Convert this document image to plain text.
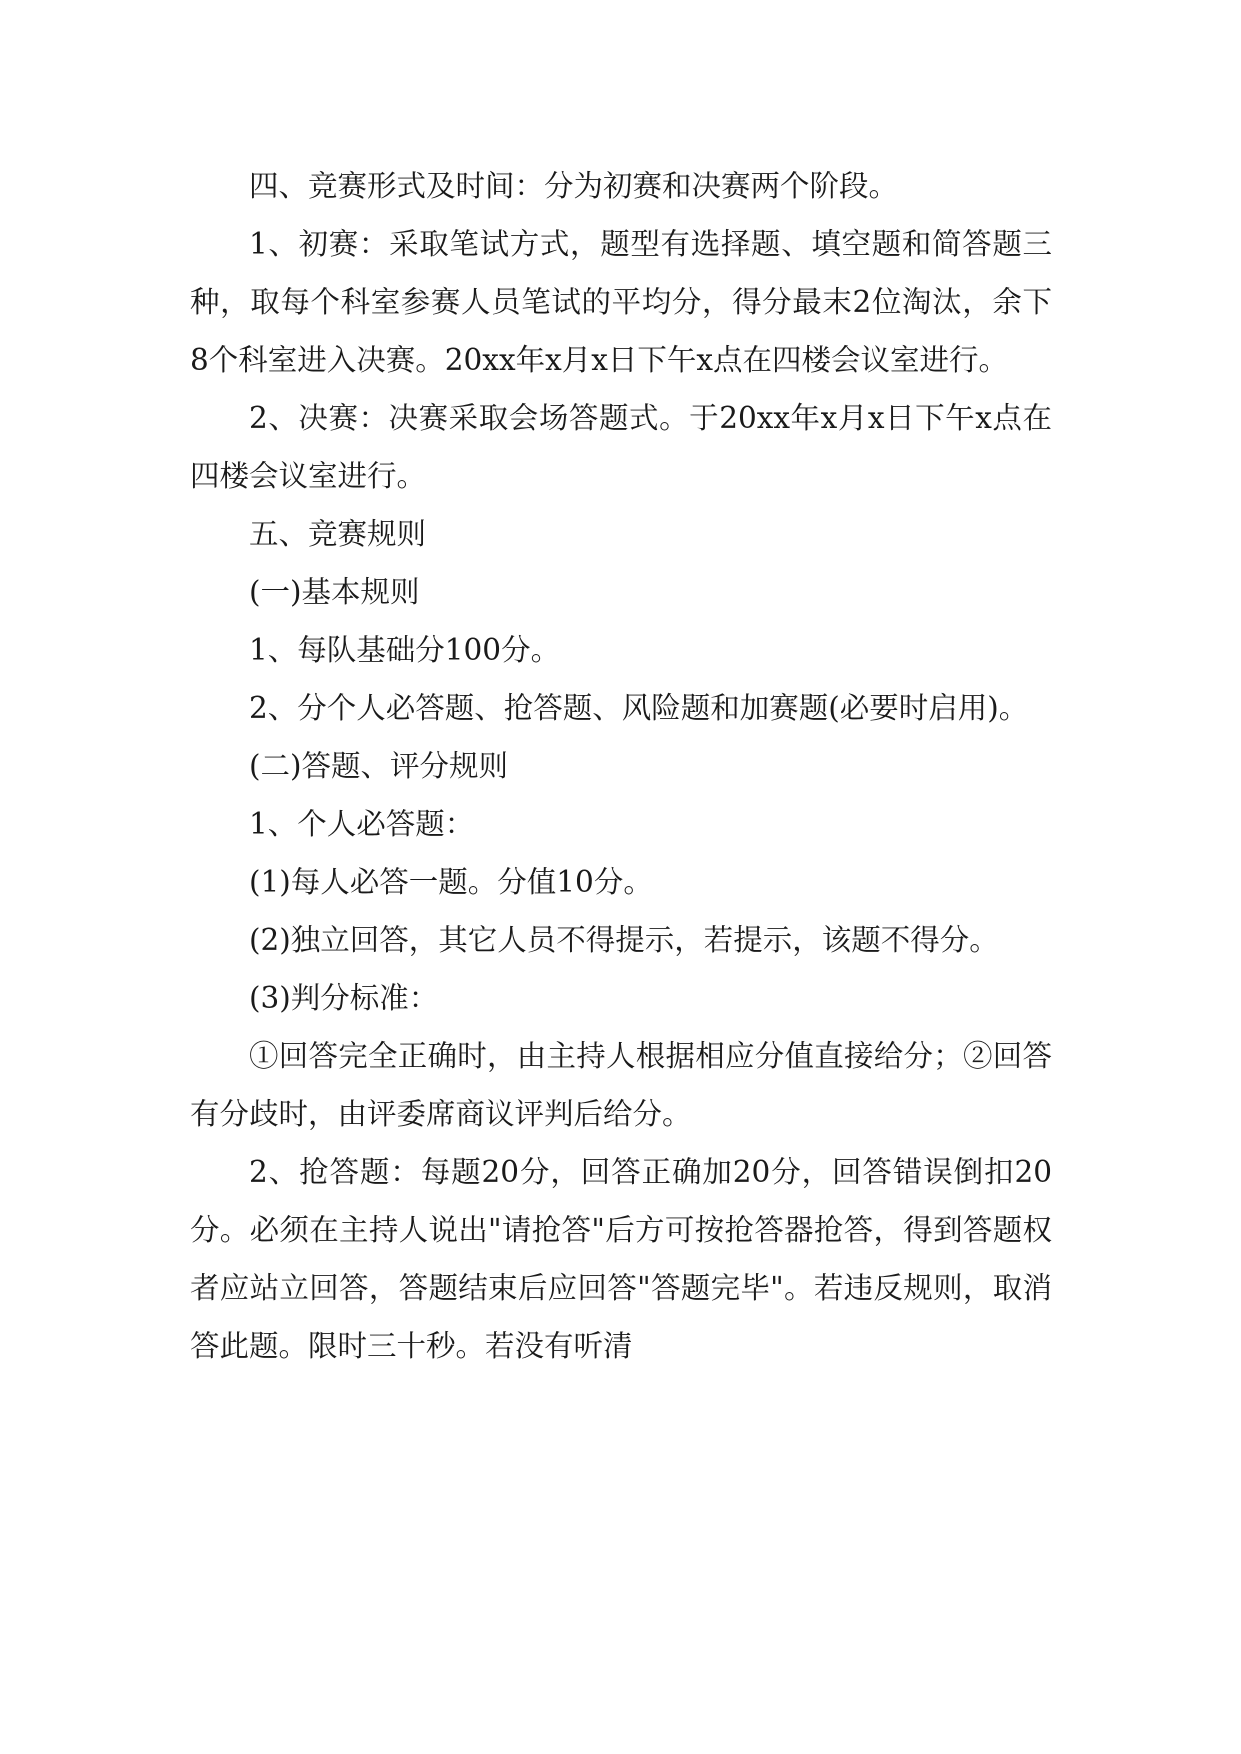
四、竞赛形式及时间：分为初赛和决赛两个阶段。

1、初赛：采取笔试方式，题型有选择题、填空题和简答题三种，取每个科室参赛人员笔试的平均分，得分最末2位淘汰，余下8个科室进入决赛。20xx年x月x日下午x点在四楼会议室进行。

2、决赛：决赛采取会场答题式。于20xx年x月x日下午x点在四楼会议室进行。

五、竞赛规则

(一)基本规则

1、每队基础分100分。

2、分个人必答题、抢答题、风险题和加赛题(必要时启用)。

(二)答题、评分规则

1、个人必答题：

(1)每人必答一题。分值10分。

(2)独立回答，其它人员不得提示，若提示，该题不得分。

(3)判分标准：

①回答完全正确时，由主持人根据相应分值直接给分；②回答有分歧时，由评委席商议评判后给分。

2、抢答题：每题20分，回答正确加20分，回答错误倒扣20分。必须在主持人说出"请抢答"后方可按抢答器抢答，得到答题权者应站立回答，答题结束后应回答"答题完毕"。若违反规则，取消答此题。限时三十秒。若没有听清
